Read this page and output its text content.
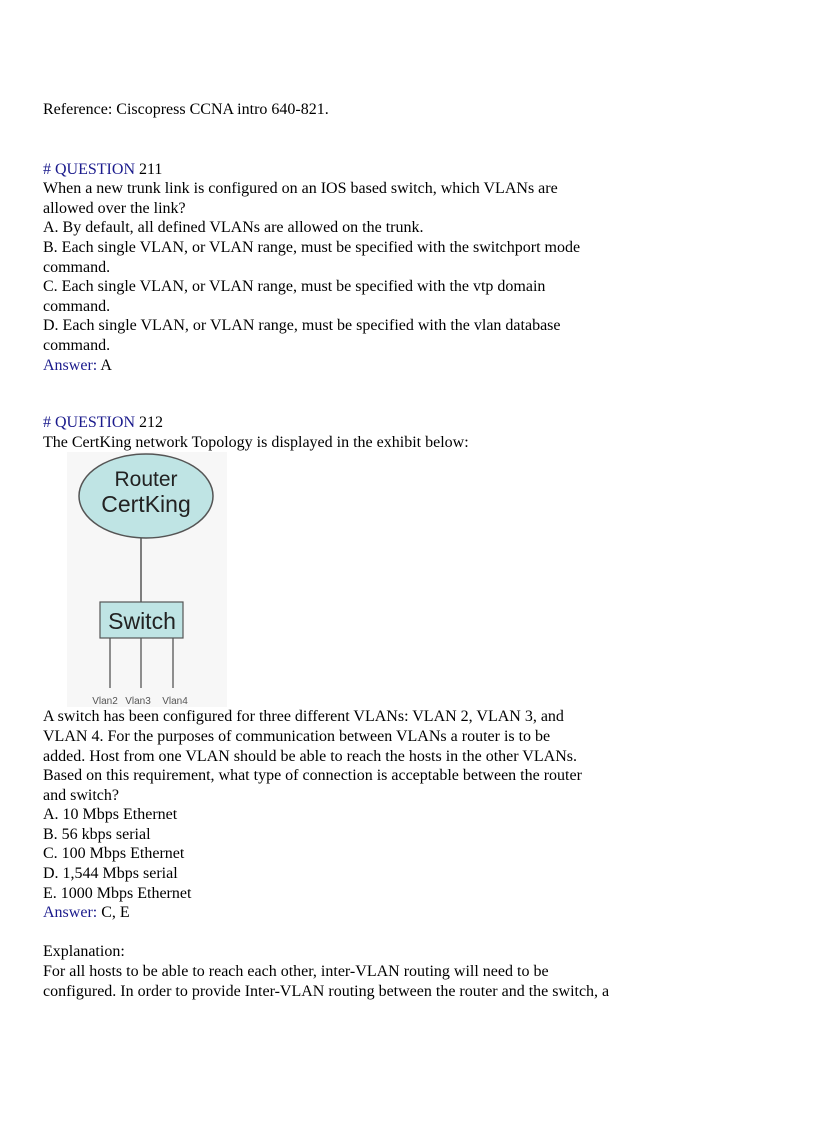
Reference: Ciscopress CCNA intro 640-821.
# QUESTION 211
When a new trunk link is configured on an IOS based switch, which VLANs are
allowed over the link?
A. By default, all defined VLANs are allowed on the trunk.
B. Each single VLAN, or VLAN range, must be specified with the switchport mode
command.
C. Each single VLAN, or VLAN range, must be specified with the vtp domain
command.
D. Each single VLAN, or VLAN range, must be specified with the vlan database
command.
Answer: A
# QUESTION 212
The CertKing network Topology is displayed in the exhibit below:
Router
CertKing
Switch
Vlan2 Vlan3 Vlan4
A switch has been configured for three different VLANs: VLAN 2, VLAN 3, and
VLAN 4. For the purposes of communication between VLANs a router is to be
added. Host from one VLAN should be able to reach the hosts in the other VLANs.
Based on this requirement, what type of connection is acceptable between the router
and switch?
A. 10 Mbps Ethernet
B. 56 kbps serial
C. 100 Mbps Ethernet
D. 1,544 Mbps serial
E. 1000 Mbps Ethernet
Answer: C, E
Explanation:
For all hosts to be able to reach each other, inter-VLAN routing will need to be
configured. In order to provide Inter-VLAN routing between the router and the switch, a
